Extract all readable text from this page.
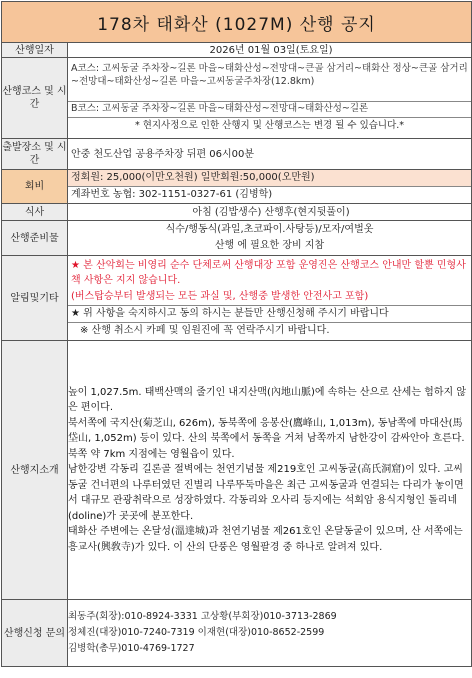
178차 태화산 (1027M) 산행 공지	
산행일자	2026년 01월 03일(토요일)
산행코스 및 시간	A코스: 고씨동굴 주차장~길론 마을~태화산성~전망대~큰골 삼거리~태화산 정상~큰골 삼거리~전망대~태화산성~길론 마을~고씨동굴주차장(12.8km)
B코스: 고씨동굴 주차장~길론 마을~태화산성~전망대~태화산성~길론
* 현지사정으로 인한 산행지 및 산행코스는 변경 될 수 있습니다.*

출발장소 및 시간	안중 천도산업 공용주차장 뒤편 06시00분
회비	정회원: 25,000(이만오천원) 일반회원:50,000(오만원)
계좌번호 농협: 302-1151-0327-61 (김병학)

식사	아침 (김밥생수) 산행후(현지뒷풀이)
산행준비물	식수/행동식(과일,초코파이.사탕등)/모자/여벌옷
산행 에 필요한 장비 지참

알림및기타	★ 본 산악회는 비영리 순수 단체로써 산행대장 포함 운영진은 산행코스 안내만 할뿐 민형사책 사항은 지지 않습니다.
(버스탑승부터 발생되는 모든 과실 및, 산행중 발생한 안전사고 포함)
★ 위 사항을 숙지하시고 동의 하시는 분들만 산행신청해 주시기 바랍니다
※ 산행 취소시 카페 및 임원진에 꼭 연락주시기 바랍니다.

산행지소개	높이 1,027.5m. 태백산맥의 줄기인 내지산맥(內地山脈)에 속하는 산으로 산세는 험하지 않은 편이다.
북서쪽에 국지산(菊芝山, 626m), 동북쪽에 응봉산(鷹峰山, 1,013m), 동남쪽에 마대산(馬垈山, 1,052m) 등이 있다. 산의 북쪽에서 동쪽을 거쳐 남쪽까지 남한강이 감싸안아 흐른다. 북쪽 약 7km 지점에는 영월읍이 있다.
남한강변 각동리 길론골 절벽에는 천연기념물 제219호인 고씨동굴(高氏洞窟)이 있다. 고씨동굴 건너편의 나루터였던 진별리 나루뚜둑마을은 최근 고씨동굴과 연결되는 다리가 놓이면서 대규모 관광취락으로 성장하였다. 각동리와 오사리 등지에는 석회암 용식지형인 돌리네(doline)가 곳곳에 분포한다.
태화산 주변에는 온달성(溫達城)과 천연기념물 제261호인 온달동굴이 있으며, 산 서쪽에는 흥교사(興敎寺)가 있다. 이 산의 단풍은 영월팔경 중 하나로 알려져 있다.

산행신청 문의	최동주(회장):010-8924-3331 고상황(부회장)010-3713-2869
정체진(대장)010-7240-7319 이재현(대장)010-8652-2599
김병학(총무)010-4769-1727
